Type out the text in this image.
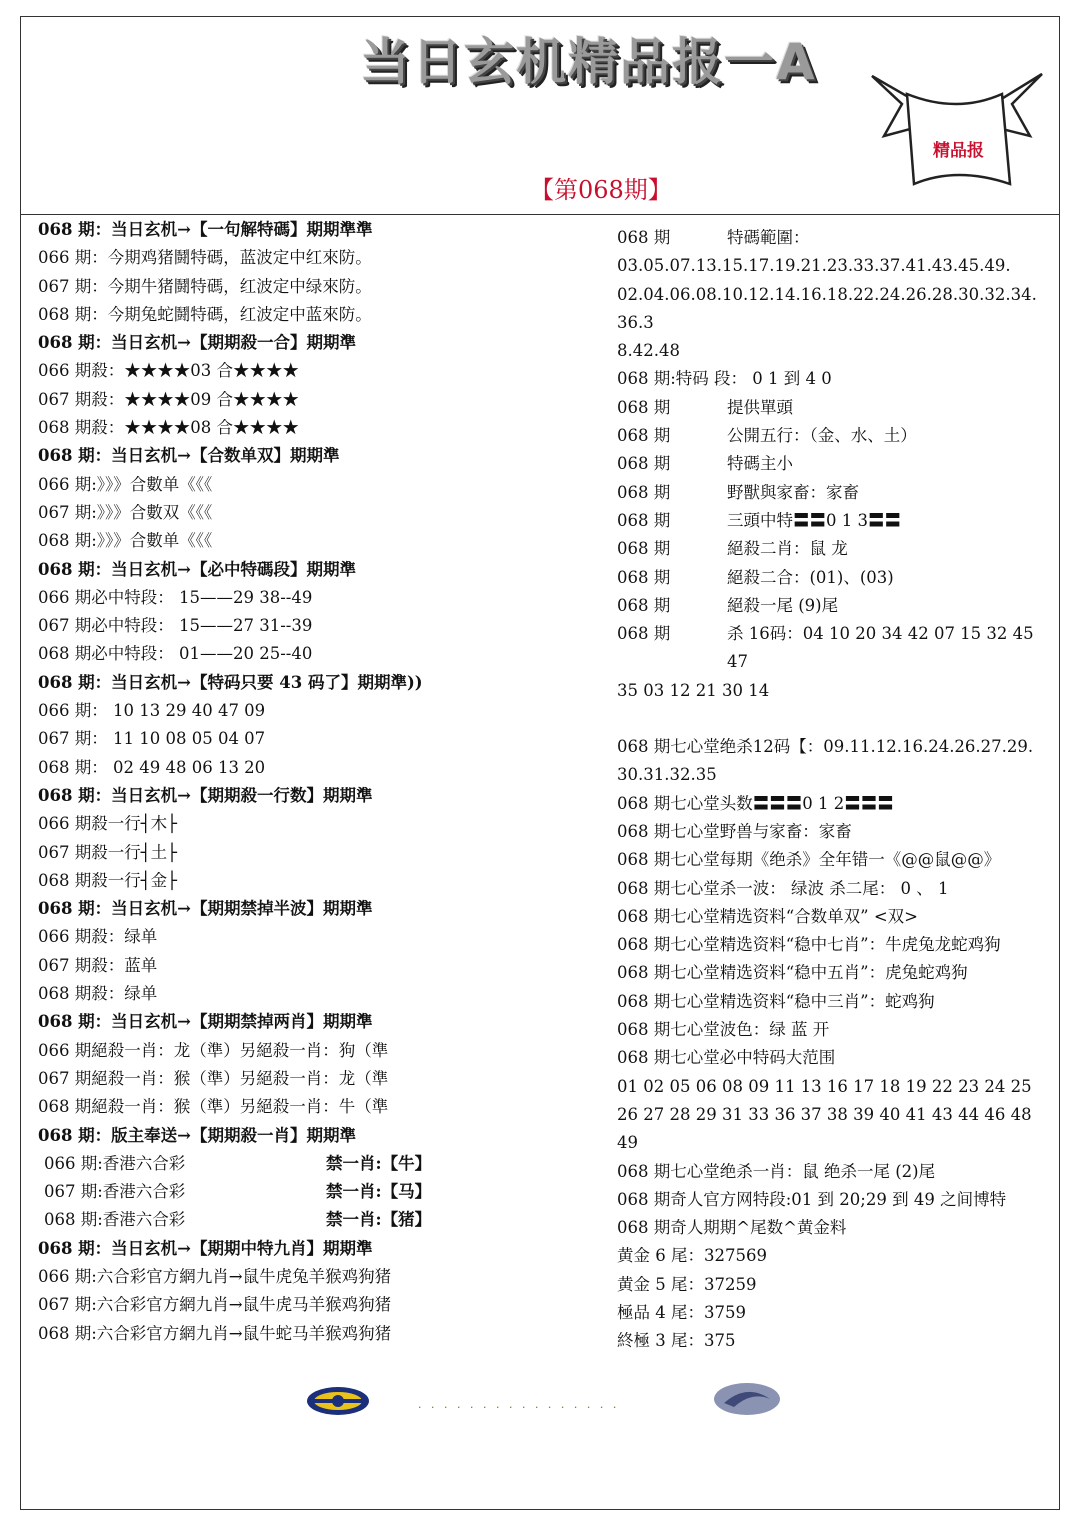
当日玄机精品报一A
精品报
【第068期】
068 期：当日玄机→【一句解特碼】期期準準
066 期：今期鸡猪鬪特碼，蓝波定中红來防。
067 期：今期牛猪鬪特碼，红波定中绿來防。
068 期：今期兔蛇鬪特碼，红波定中蓝來防。
068 期：当日玄机→【期期殺一合】期期準
066 期殺：★★★★03 合★★★★
067 期殺：★★★★09 合★★★★
068 期殺：★★★★08 合★★★★
068 期：当日玄机→【合数单双】期期準
066 期:》》》合數单《《《
067 期:》》》合數双《《《
068 期:》》》合數单《《《
068 期：当日玄机→【必中特碼段】期期準
066 期必中特段： 15——29 38--49
067 期必中特段： 15——27 31--39
068 期必中特段： 01——20 25--40
068 期：当日玄机→【特码只要 43 码了】期期準))
066 期： 10 13 29 40 47 09
067 期： 11 10 08 05 04 07
068 期： 02 49 48 06 13 20
068 期：当日玄机→【期期殺一行数】期期準
066 期殺一行┤木├
067 期殺一行┤土├
068 期殺一行┤金├
068 期：当日玄机→【期期禁掉半波】期期準
066 期殺：绿单
067 期殺：蓝单
068 期殺：绿单
068 期：当日玄机→【期期禁掉两肖】期期準
066 期絕殺一肖：龙（準）另絕殺一肖：狗（準
067 期絕殺一肖：猴（準）另絕殺一肖：龙（準
068 期絕殺一肖：猴（準）另絕殺一肖：牛（準
068 期：版主奉送→【期期殺一肖】期期準
066 期:香港六合彩	禁一肖:【牛】
067 期:香港六合彩	禁一肖:【马】
068 期:香港六合彩	禁一肖:【猪】
068 期：当日玄机→【期期中特九肖】期期準
066 期:六合彩官方網九肖→鼠牛虎兔羊猴鸡狗猪
067 期:六合彩官方網九肖→鼠牛虎马羊猴鸡狗猪
068 期:六合彩官方網九肖→鼠牛蛇马羊猴鸡狗猪
068 期	特碼範圍：
03.05.07.13.15.17.19.21.23.33.37.41.43.45.49.
02.04.06.08.10.12.14.16.18.22.24.26.28.30.32.34.36.3
8.42.48
068 期:特码 段： 0 1 到 4 0
068 期	提供單頭
068 期	公開五行：（金、水、土）
068 期	特碼主小
068 期	野獸與家畜：家畜
068 期	三頭中特〓〓0 1 3〓〓
068 期	絕殺二肖：鼠 龙
068 期	絕殺二合：(01)、(03)
068 期	絕殺一尾 (9)尾
068 期	杀 16码：04 10 20 34 42 07 15 32 45 47
35 03 12 21 30 14
068 期七心堂绝杀12码【：09.11.12.16.24.26.27.29.30.31.32.35
068 期七心堂头数〓〓〓0 1 2〓〓〓
068 期七心堂野兽与家畜：家畜
068 期七心堂每期《绝杀》全年错一《@@鼠@@》
068 期七心堂杀一波： 绿波 杀二尾： 0 、 1
068 期七心堂精选资料“合数单双” <双>
068 期七心堂精选资料“稳中七肖”：牛虎兔龙蛇鸡狗
068 期七心堂精选资料“稳中五肖”：虎兔蛇鸡狗
068 期七心堂精选资料“稳中三肖”：蛇鸡狗
068 期七心堂波色：绿 蓝 开
068 期七心堂必中特码大范围
01 02 05 06 08 09 11 13 16 17 18 19 22 23 24 25 26 27 28 29 31 33 36 37 38 39 40 41 43 44 46 48 49
068 期七心堂绝杀一肖：鼠 绝杀一尾 (2)尾
068 期奇人官方网特段:01 到 20;29 到 49 之间博特
068 期奇人期期^尾数^黄金料
黄金 6 尾：327569
黄金 5 尾：37259
極品 4 尾：3759
終極 3 尾：375
· · · · · · · · · · · · · · · ·
